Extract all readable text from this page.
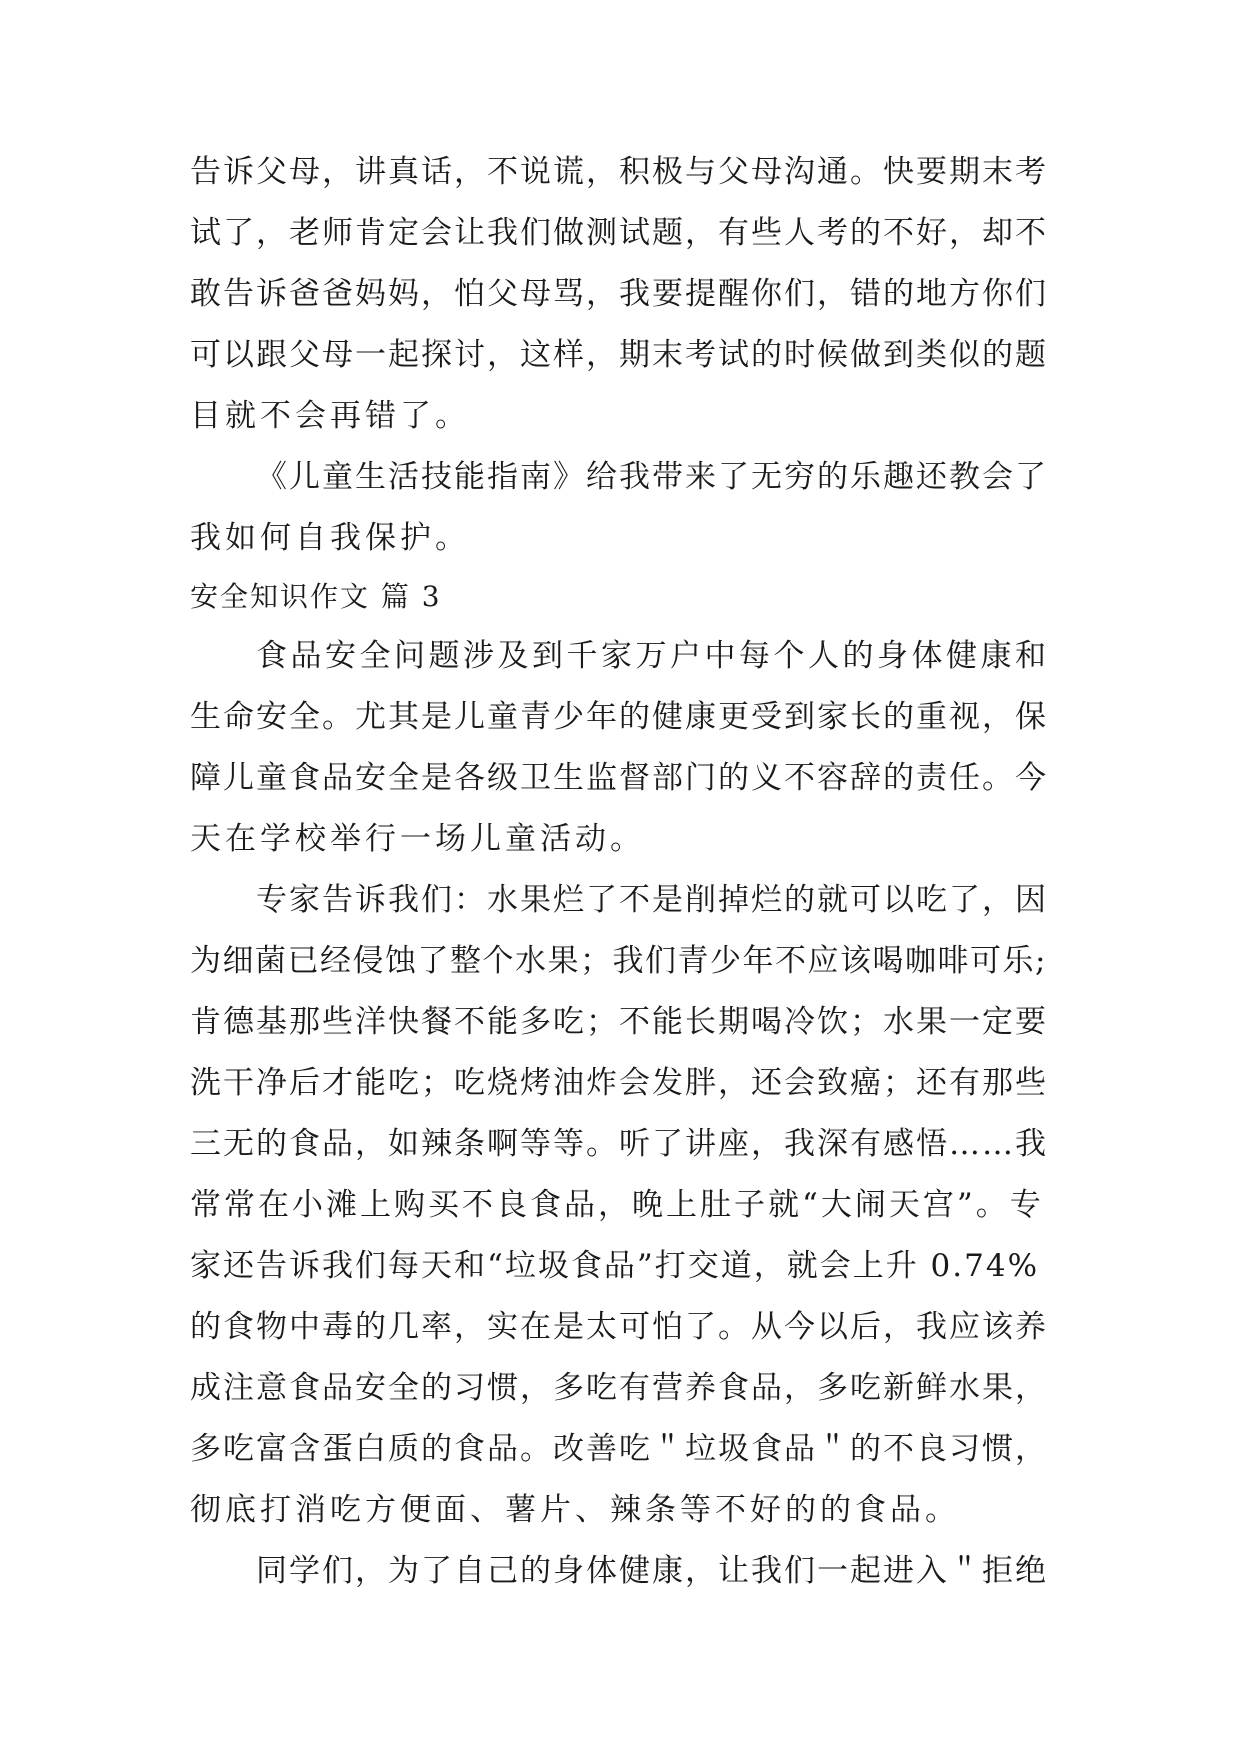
告诉父母，讲真话，不说谎，积极与父母沟通。快要期末考
试了，老师肯定会让我们做测试题，有些人考的不好，却不
敢告诉爸爸妈妈，怕父母骂，我要提醒你们，错的地方你们
可以跟父母一起探讨，这样，期末考试的时候做到类似的题
目就不会再错了。
《儿童生活技能指南》给我带来了无穷的乐趣还教会了
我如何自我保护。
安全知识作文 篇 3
食品安全问题涉及到千家万户中每个人的身体健康和
生命安全。尤其是儿童青少年的健康更受到家长的重视，保
障儿童食品安全是各级卫生监督部门的义不容辞的责任。今
天在学校举行一场儿童活动。
专家告诉我们：水果烂了不是削掉烂的就可以吃了，因
为细菌已经侵蚀了整个水果；我们青少年不应该喝咖啡可乐;
肯德基那些洋快餐不能多吃；不能长期喝冷饮；水果一定要
洗干净后才能吃；吃烧烤油炸会发胖，还会致癌；还有那些
三无的食品，如辣条啊等等。听了讲座，我深有感悟……我
常常在小滩上购买不良食品，晚上肚子就“大闹天宫”。专
家还告诉我们每天和“垃圾食品”打交道，就会上升 0.74%
的食物中毒的几率，实在是太可怕了。从今以后，我应该养
成注意食品安全的习惯，多吃有营养食品，多吃新鲜水果，
多吃富含蛋白质的食品。改善吃＂垃圾食品＂的不良习惯，
彻底打消吃方便面、薯片、辣条等不好的的食品。
同学们，为了自己的身体健康，让我们一起进入＂拒绝
